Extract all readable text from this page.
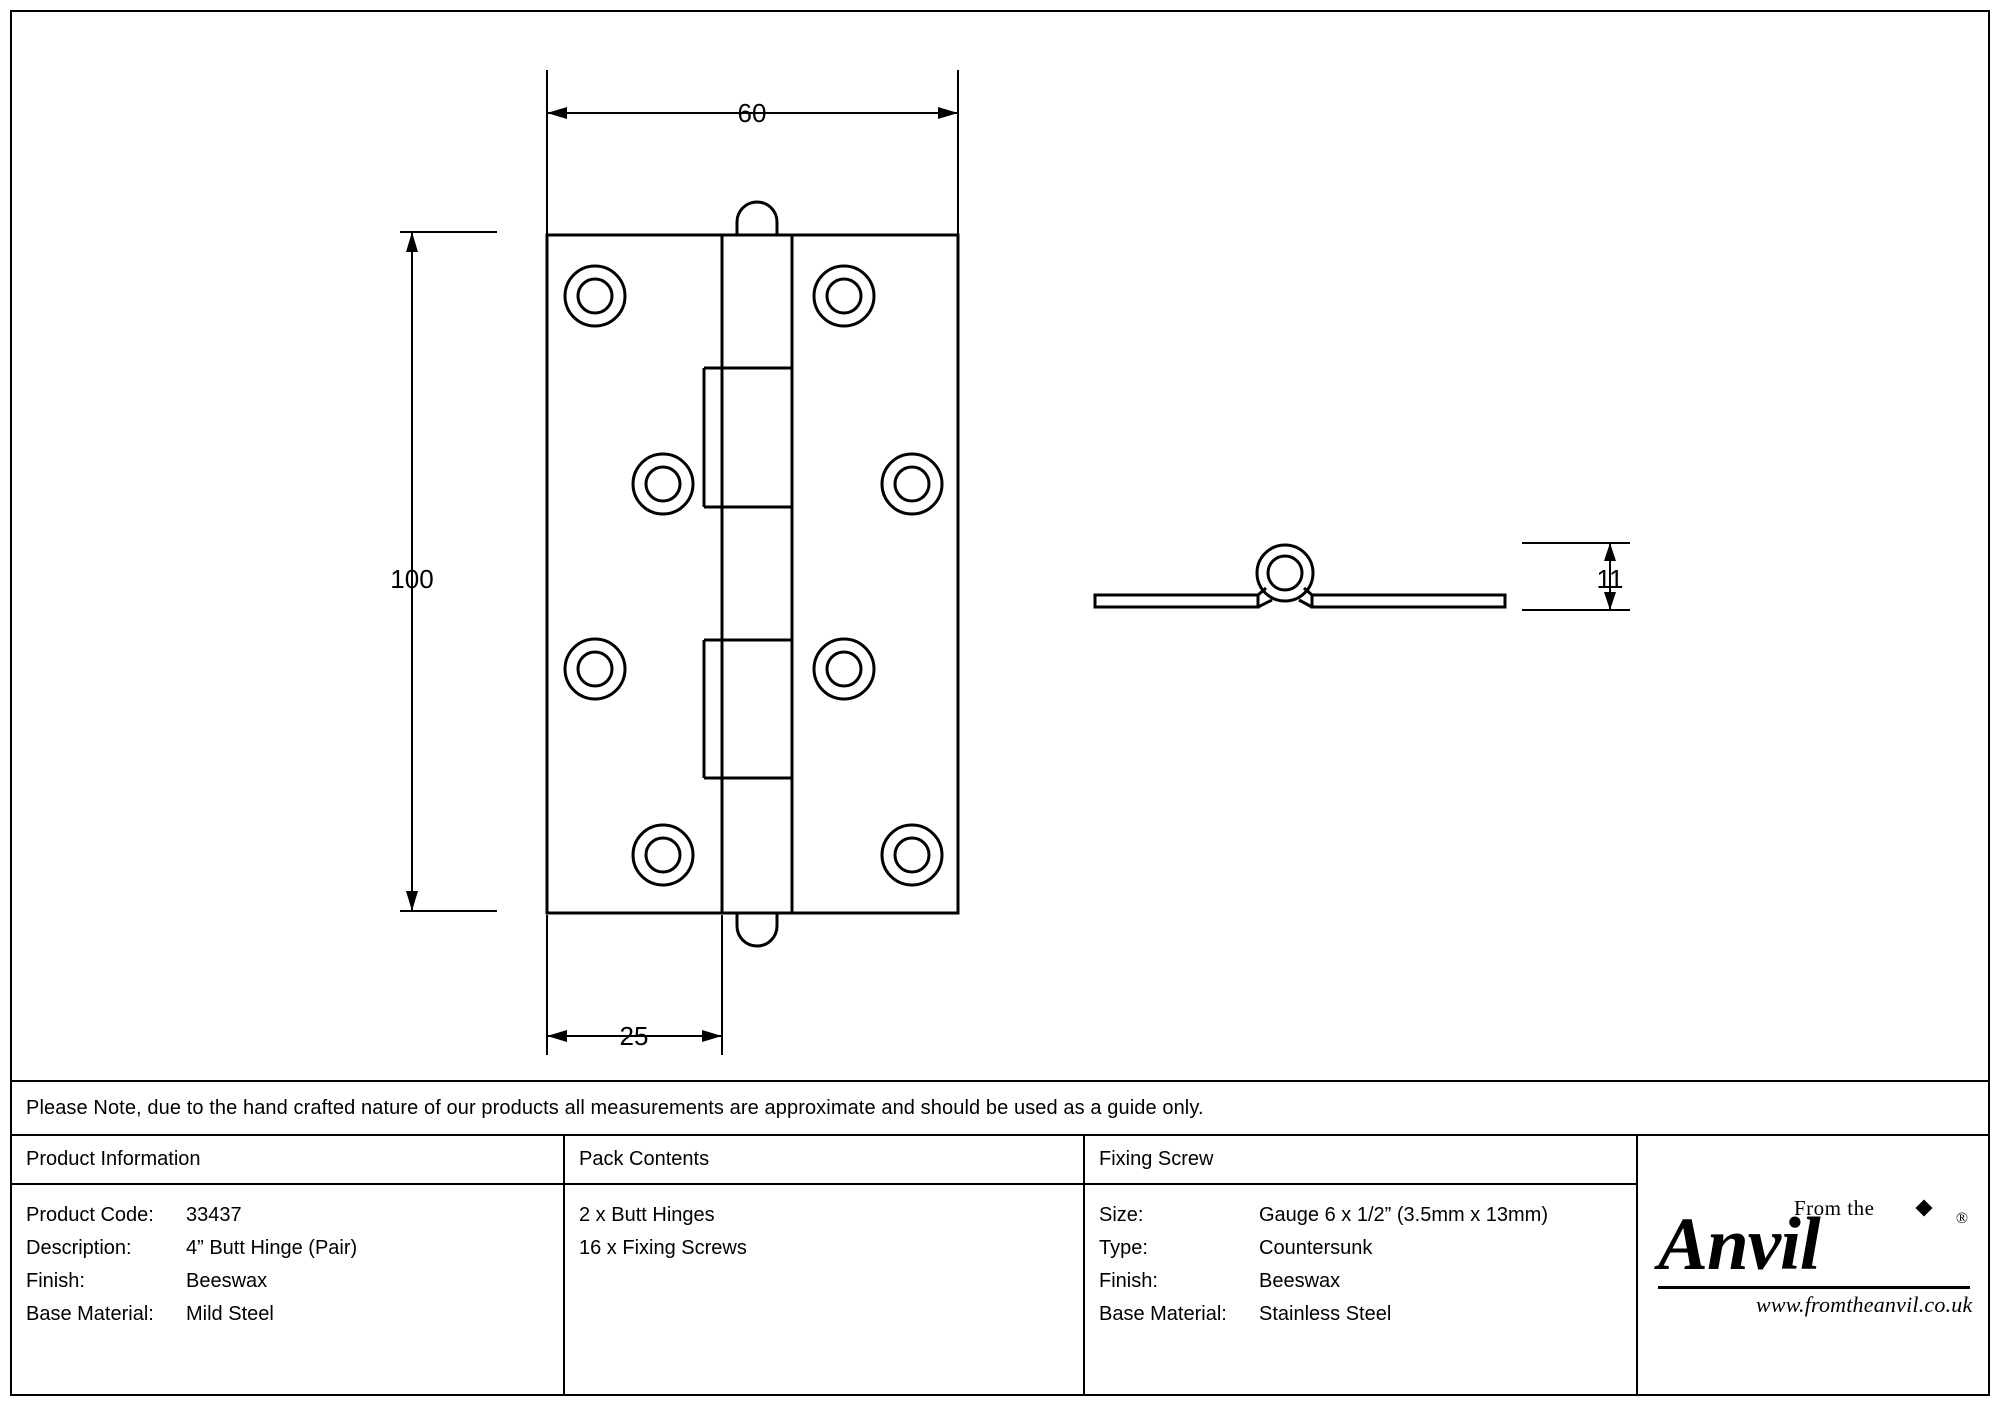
60
100
25
11
Please Note, due to the hand crafted nature of our products all measurements are approximate and should be used as a guide only.
Product Information
Product Code:	33437
Description:	4” Butt Hinge (Pair)
Finish:	Beeswax
Base Material:	Mild Steel
Pack Contents
2 x Butt Hinges
16 x Fixing Screws
Fixing Screw
Size:	Gauge 6 x 1/2” (3.5mm x 13mm)
Type:	Countersunk
Finish:	Beeswax
Base Material:	Stainless Steel
From the
Anvil	®
www.fromtheanvil.co.uk
